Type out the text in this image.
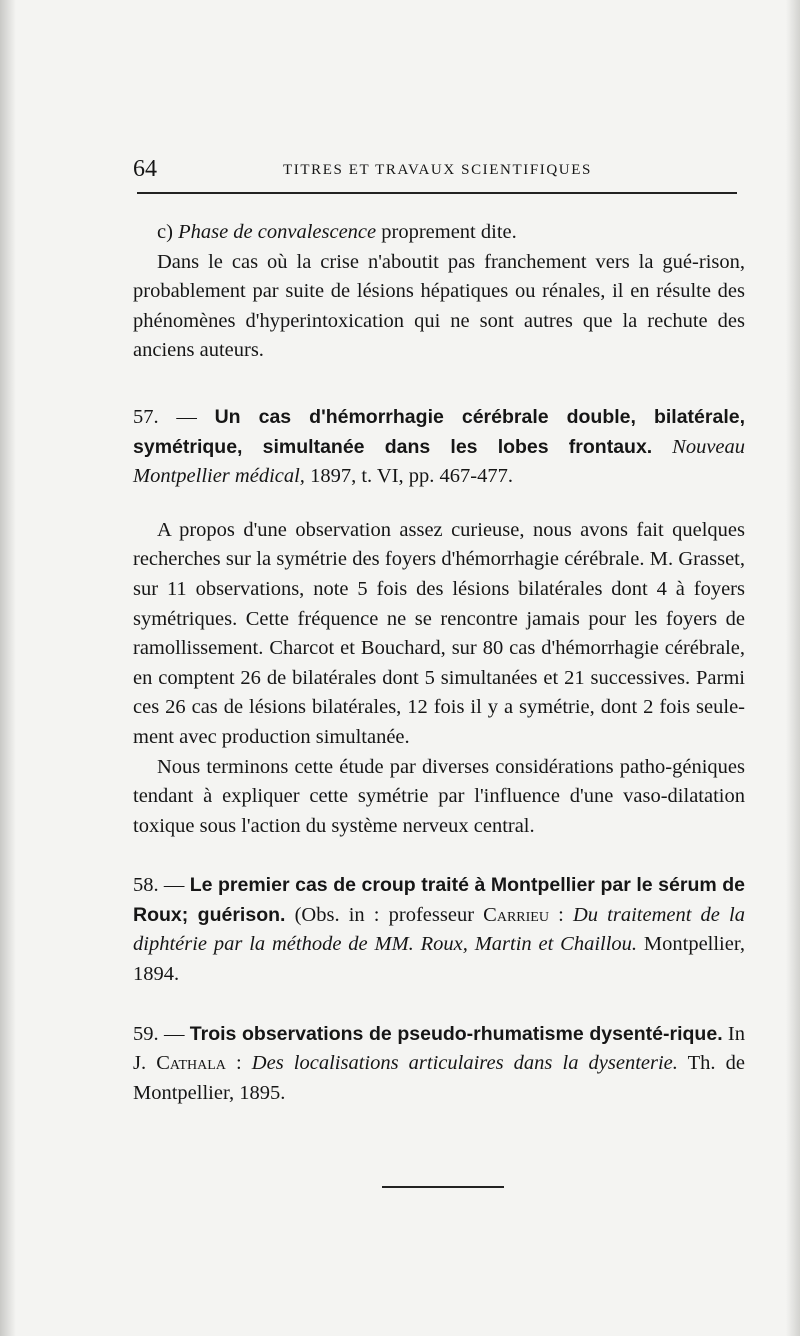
64	TITRES ET TRAVAUX SCIENTIFIQUES

c) Phase de convalescence proprement dite.

Dans le cas où la crise n'aboutit pas franchement vers la gué-rison, probablement par suite de lésions hépatiques ou rénales, il en résulte des phénomènes d'hyperintoxication qui ne sont autres que la rechute des anciens auteurs.

57. — Un cas d'hémorrhagie cérébrale double, bilatérale, symétrique, simultanée dans les lobes frontaux. Nouveau Montpellier médical, 1897, t. VI, pp. 467-477.

A propos d'une observation assez curieuse, nous avons fait quelques recherches sur la symétrie des foyers d'hémorrhagie cérébrale. M. Grasset, sur 11 observations, note 5 fois des lésions bilatérales dont 4 à foyers symétriques. Cette fréquence ne se rencontre jamais pour les foyers de ramollissement. Charcot et Bouchard, sur 80 cas d'hémorrhagie cérébrale, en comptent 26 de bilatérales dont 5 simultanées et 21 successives. Parmi ces 26 cas de lésions bilatérales, 12 fois il y a symétrie, dont 2 fois seule-ment avec production simultanée.

Nous terminons cette étude par diverses considérations patho-géniques tendant à expliquer cette symétrie par l'influence d'une vaso-dilatation toxique sous l'action du système nerveux central.

58. — Le premier cas de croup traité à Montpellier par le sérum de Roux; guérison. (Obs. in : professeur Carrieu : Du traitement de la diphtérie par la méthode de MM. Roux, Martin et Chaillou. Montpellier, 1894.

59. — Trois observations de pseudo-rhumatisme dysenté-rique. In J. Cathala : Des localisations articulaires dans la dysenterie. Th. de Montpellier, 1895.
